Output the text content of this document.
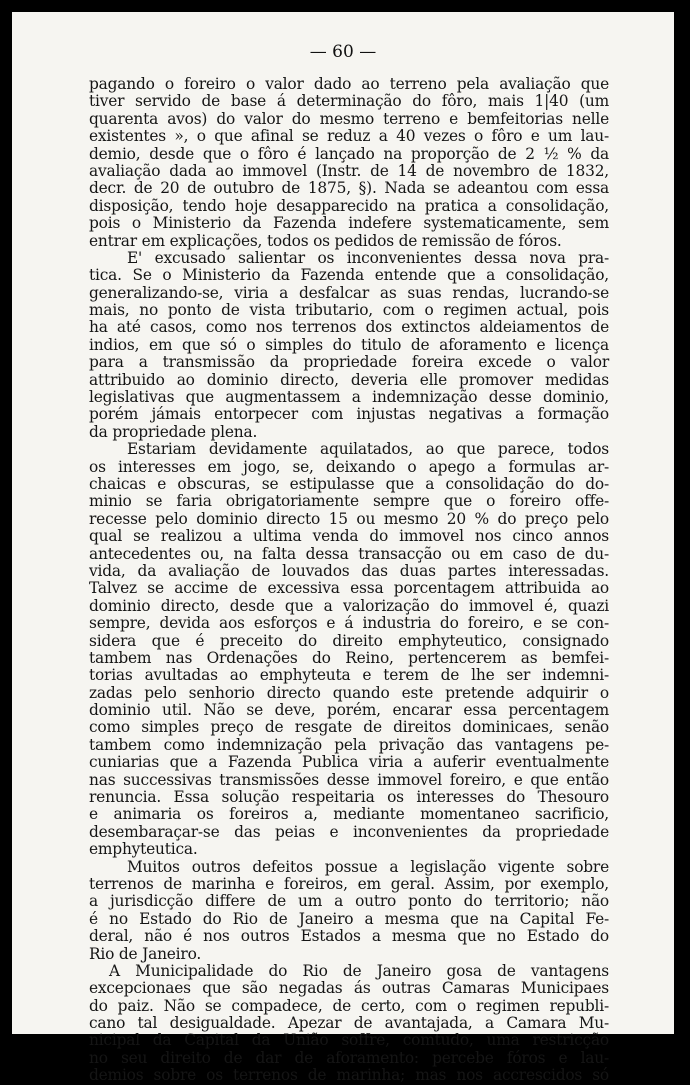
— 60 —
pagando o foreiro o valor dado ao terreno pela avaliação que
tiver servido de base á determinação do fôro, mais 1|40 (um
quarenta avos) do valor do mesmo terreno e bemfeitorias nelle
existentes », o que afinal se reduz a 40 vezes o fôro e um lau-
demio, desde que o fôro é lançado na proporção de 2 ½ % da
avaliação dada ao immovel (Instr. de 14 de novembro de 1832,
decr. de 20 de outubro de 1875, §). Nada se adeantou com essa
disposição, tendo hoje desapparecido na pratica a consolidação,
pois o Ministerio da Fazenda indefere systematicamente, sem
entrar em explicações, todos os pedidos de remissão de fóros.
E' excusado salientar os inconvenientes dessa nova pra-
tica. Se o Ministerio da Fazenda entende que a consolidação,
generalizando-se, viria a desfalcar as suas rendas, lucrando-se
mais, no ponto de vista tributario, com o regimen actual, pois
ha até casos, como nos terrenos dos extinctos aldeiamentos de
indios, em que só o simples do titulo de aforamento e licença
para a transmissão da propriedade foreira excede o valor
attribuido ao dominio directo, deveria elle promover medidas
legislativas que augmentassem a indemnização desse dominio,
porém jámais entorpecer com injustas negativas a formação
da propriedade plena.
Estariam devidamente aquilatados, ao que parece, todos
os interesses em jogo, se, deixando o apego a formulas ar-
chaicas e obscuras, se estipulasse que a consolidação do do-
minio se faria obrigatoriamente sempre que o foreiro offe-
recesse pelo dominio directo 15 ou mesmo 20 % do preço pelo
qual se realizou a ultima venda do immovel nos cinco annos
antecedentes ou, na falta dessa transacção ou em caso de du-
vida, da avaliação de louvados das duas partes interessadas.
Talvez se accime de excessiva essa porcentagem attribuida ao
dominio directo, desde que a valorização do immovel é, quazi
sempre, devida aos esforços e á industria do foreiro, e se con-
sidera que é preceito do direito emphyteutico, consignado
tambem nas Ordenações do Reino, pertencerem as bemfei-
torias avultadas ao emphyteuta e terem de lhe ser indemni-
zadas pelo senhorio directo quando este pretende adquirir o
dominio util. Não se deve, porém, encarar essa percentagem
como simples preço de resgate de direitos dominicaes, senão
tambem como indemnização pela privação das vantagens pe-
cuniarias que a Fazenda Publica viria a auferir eventualmente
nas successivas transmissões desse immovel foreiro, e que então
renuncia. Essa solução respeitaria os interesses do Thesouro
e animaria os foreiros a, mediante momentaneo sacrificio,
desembaraçar-se das peias e inconvenientes da propriedade
emphyteutica.
Muitos outros defeitos possue a legislação vigente sobre
terrenos de marinha e foreiros, em geral. Assim, por exemplo,
a jurisdicção differe de um a outro ponto do territorio; não
é no Estado do Rio de Janeiro a mesma que na Capital Fe-
deral, não é nos outros Estados a mesma que no Estado do
Rio de Janeiro.
A Municipalidade do Rio de Janeiro gosa de vantagens
excepcionaes que são negadas ás outras Camaras Municipaes
do paiz. Não se compadece, de certo, com o regimen republi-
cano tal desigualdade. Apezar de avantajada, a Camara Mu-
nicipal da Capital da União soffre, comtudo, uma restricção
no seu direito de dar de aforamento: percebe fóros e lau-
demios sobre os terrenos de marinha; mas nos accrescidos só
